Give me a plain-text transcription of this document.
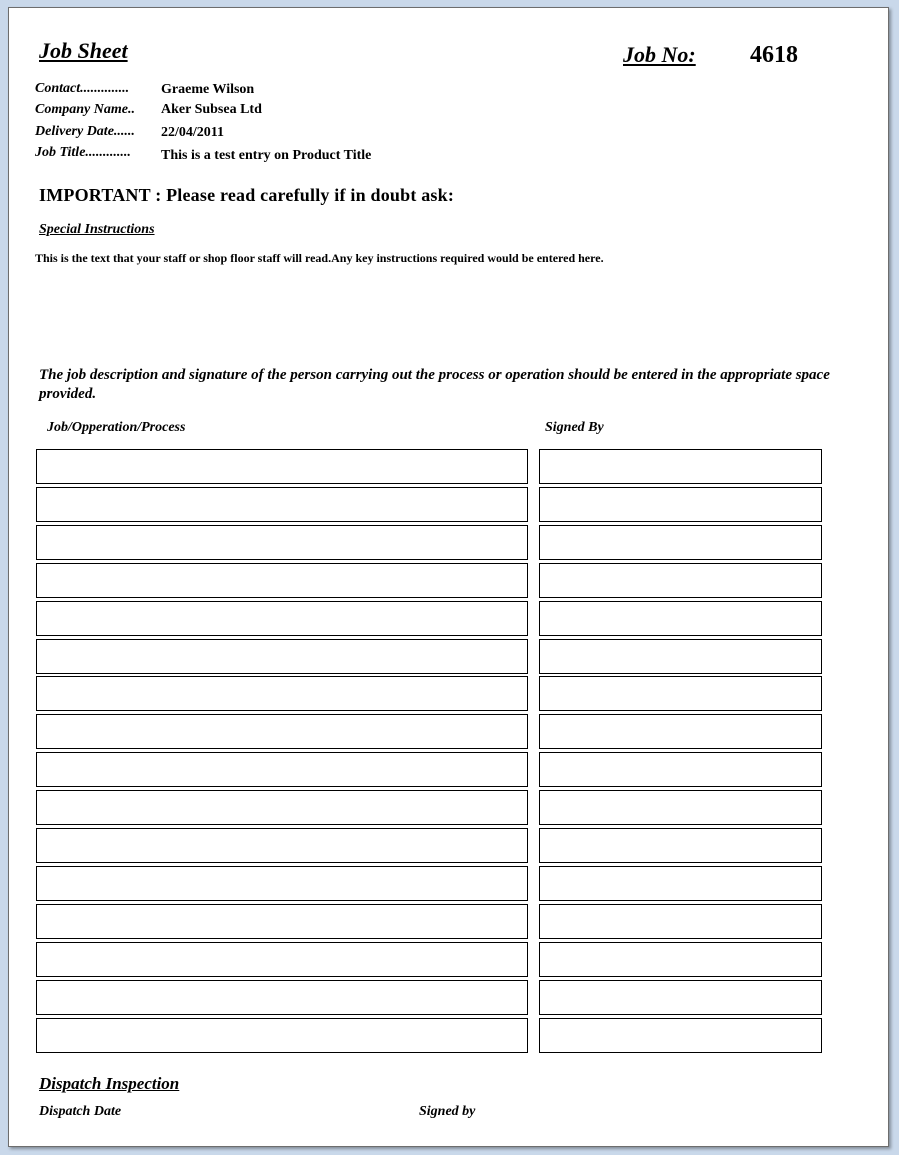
Job Sheet	Job No: 4618
Contact.............. Graeme Wilson
Company Name.. Aker Subsea Ltd
Delivery Date...... 22/04/2011
Job Title............. This is a test entry on Product Title
IMPORTANT : Please read carefully if in doubt ask:
Special Instructions
This is the text that your staff or shop floor staff will read.Any key instructions required would be entered here.
The job description and signature of the person carrying out the process or operation should be entered in the appropriate space provided.
Job/Opperation/Process	Signed By
Dispatch Inspection
Dispatch Date	Signed by
